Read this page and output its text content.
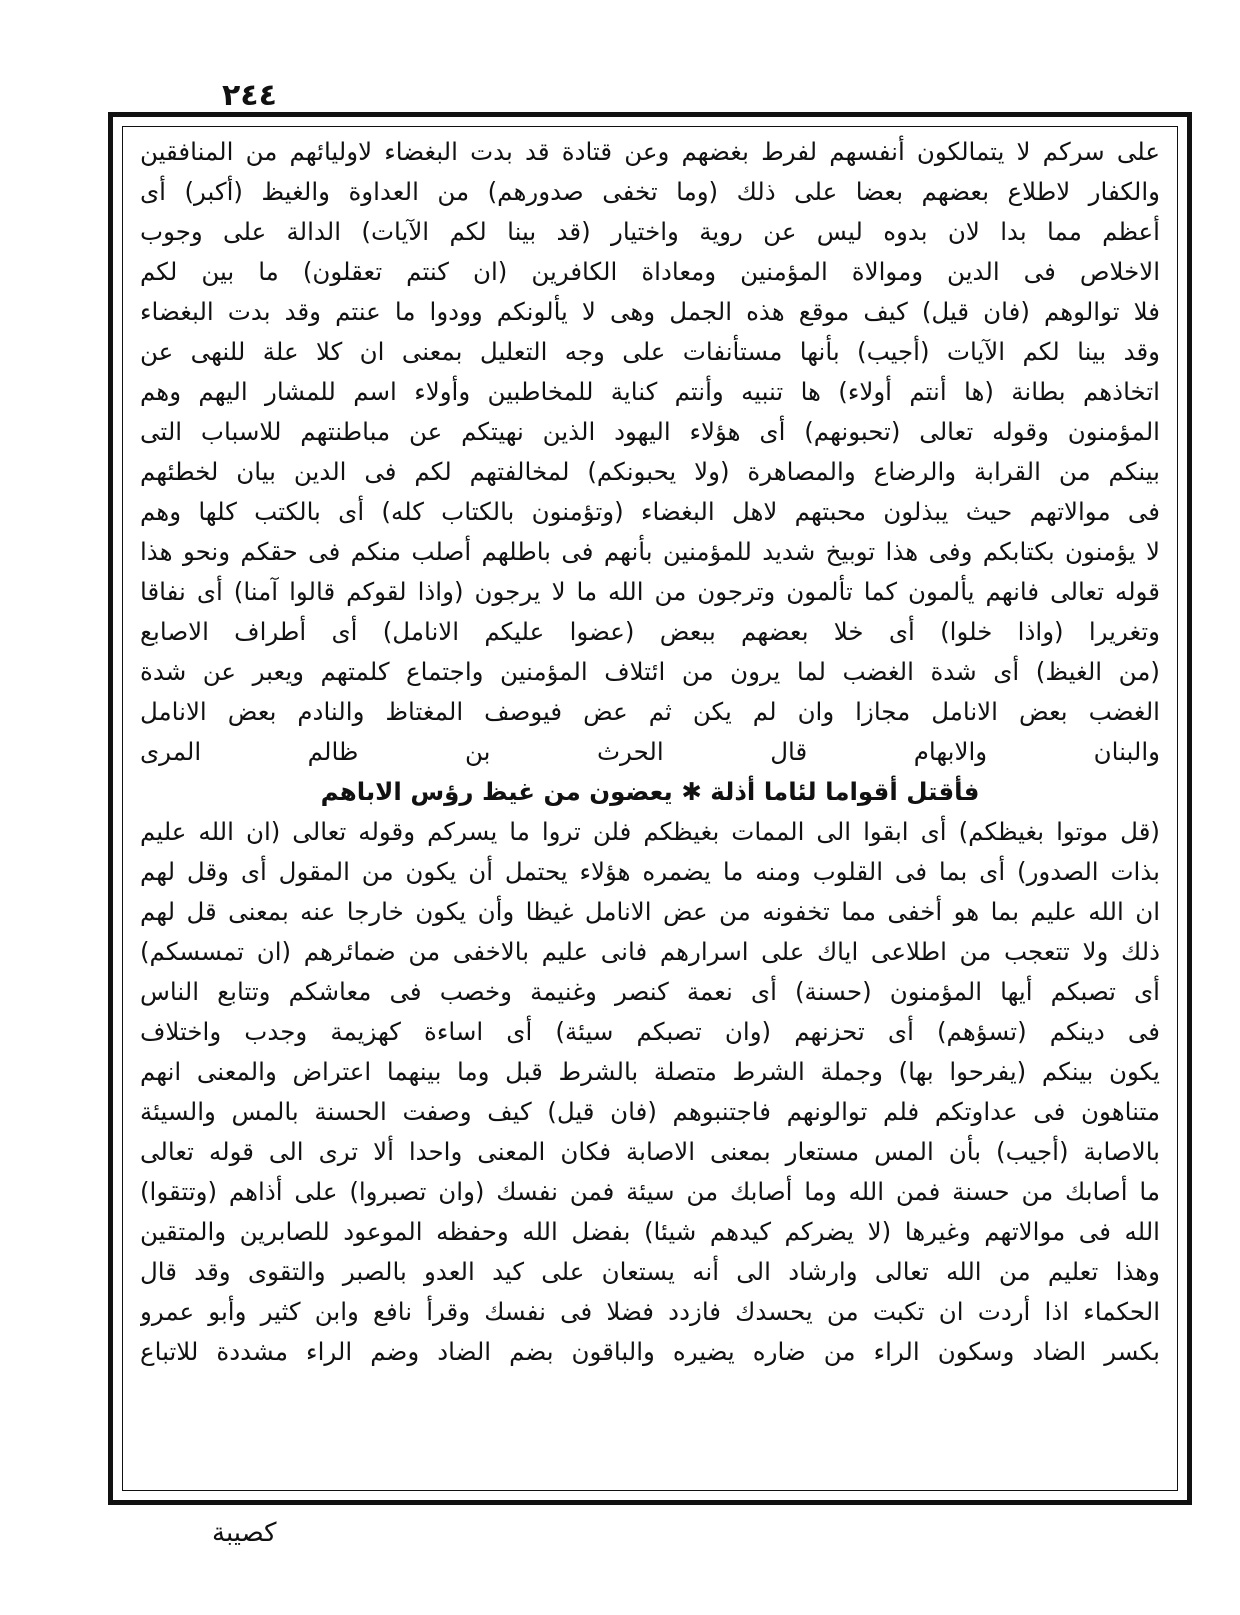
٢٤٤
على سركم لا يتمالكون أنفسهم لفرط بغضهم وعن قتادة قد بدت البغضاء لاوليائهم من المنافقين
والكفار لاطلاع بعضهم بعضا على ذلك (وما تخفى صدورهم) من العداوة والغيظ (أكبر) أى
أعظم مما بدا لان بدوه ليس عن روية واختيار (قد بينا لكم الآيات) الدالة على وجوب
الاخلاص فى الدين وموالاة المؤمنين ومعاداة الكافرين (ان كنتم تعقلون) ما بين لكم
فلا توالوهم (فان قيل) كيف موقع هذه الجمل وهى لا يألونكم وودوا ما عنتم وقد بدت البغضاء
وقد بينا لكم الآيات (أجيب) بأنها مستأنفات على وجه التعليل بمعنى ان كلا علة للنهى عن
اتخاذهم بطانة (ها أنتم أولاء) ها تنبيه وأنتم كناية للمخاطبين وأولاء اسم للمشار اليهم وهم
المؤمنون وقوله تعالى (تحبونهم) أى هؤلاء اليهود الذين نهيتكم عن مباطنتهم للاسباب التى
بينكم من القرابة والرضاع والمصاهرة (ولا يحبونكم) لمخالفتهم لكم فى الدين بيان لخطئهم
فى موالاتهم حيث يبذلون محبتهم لاهل البغضاء (وتؤمنون بالكتاب كله) أى بالكتب كلها وهم
لا يؤمنون بكتابكم وفى هذا توبيخ شديد للمؤمنين بأنهم فى باطلهم أصلب منكم فى حقكم ونحو هذا
قوله تعالى فانهم يألمون كما تألمون وترجون من الله ما لا يرجون (واذا لقوكم قالوا آمنا) أى نفاقا
وتغريرا (واذا خلوا) أى خلا بعضهم ببعض (عضوا عليكم الانامل) أى أطراف الاصابع
(من الغيظ) أى شدة الغضب لما يرون من ائتلاف المؤمنين واجتماع كلمتهم ويعبر عن شدة
الغضب بعض الانامل مجازا وان لم يكن ثم عض فيوصف المغتاظ والنادم بعض الانامل
والبنان والابهام قال الحرث بن ظالم المرى
فأقتل أقواما لئاما أذلة ✱ يعضون من غيظ رؤس الاباهم
(قل موتوا بغيظكم) أى ابقوا الى الممات بغيظكم فلن تروا ما يسركم وقوله تعالى (ان الله عليم
بذات الصدور) أى بما فى القلوب ومنه ما يضمره هؤلاء يحتمل أن يكون من المقول أى وقل لهم
ان الله عليم بما هو أخفى مما تخفونه من عض الانامل غيظا وأن يكون خارجا عنه بمعنى قل لهم
ذلك ولا تتعجب من اطلاعى اياك على اسرارهم فانى عليم بالاخفى من ضمائرهم (ان تمسسكم)
أى تصبكم أيها المؤمنون (حسنة) أى نعمة كنصر وغنيمة وخصب فى معاشكم وتتابع الناس
فى دينكم (تسؤهم) أى تحزنهم (وان تصبكم سيئة) أى اساءة كهزيمة وجدب واختلاف
يكون بينكم (يفرحوا بها) وجملة الشرط متصلة بالشرط قبل وما بينهما اعتراض والمعنى انهم
متناهون فى عداوتكم فلم توالونهم فاجتنبوهم (فان قيل) كيف وصفت الحسنة بالمس والسيئة
بالاصابة (أجيب) بأن المس مستعار بمعنى الاصابة فكان المعنى واحدا ألا ترى الى قوله تعالى
ما أصابك من حسنة فمن الله وما أصابك من سيئة فمن نفسك (وان تصبروا) على أذاهم (وتتقوا)
الله فى موالاتهم وغيرها (لا يضركم كيدهم شيئا) بفضل الله وحفظه الموعود للصابرين والمتقين
وهذا تعليم من الله تعالى وارشاد الى أنه يستعان على كيد العدو بالصبر والتقوى وقد قال
الحكماء اذا أردت ان تكبت من يحسدك فازدد فضلا فى نفسك وقرأ نافع وابن كثير وأبو عمرو
بكسر الضاد وسكون الراء من ضاره يضيره والباقون بضم الضاد وضم الراء مشددة للاتباع
كصيبة
